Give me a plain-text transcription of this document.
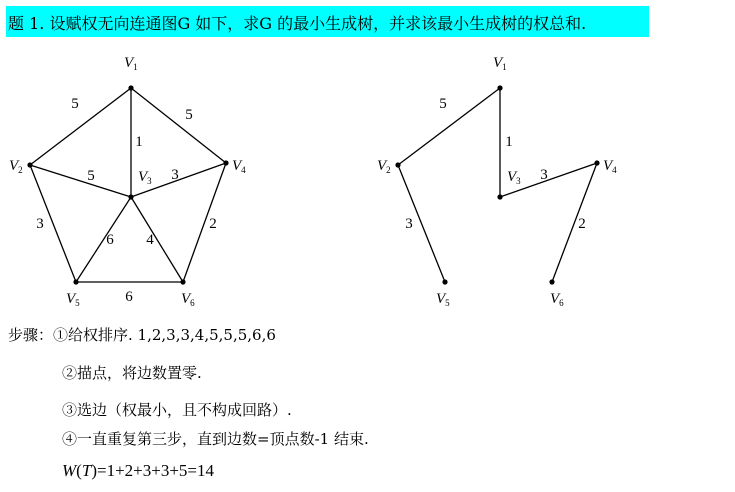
题 1. 设赋权无向连通图G 如下，求G 的最小生成树，并求该最小生成树的权总和.
5
5
1
5	3
3	2
6 4
6
$V_1$
$V_2$	$V_3$
$V_4$
$V_5$	$V_6$
5
1
3
3	2
$V_1$
$V_2$	$V_3$
$V_4$
$V_5$	$V_6$
步骤：①给权排序. 1,2,3,3,4,5,5,5,6,6
②描点，将边数置零.
③选边（权最小，且不构成回路）.
④一直重复第三步，直到边数=顶点数-1 结束.
W(T)=1+2+3+3+5=14
